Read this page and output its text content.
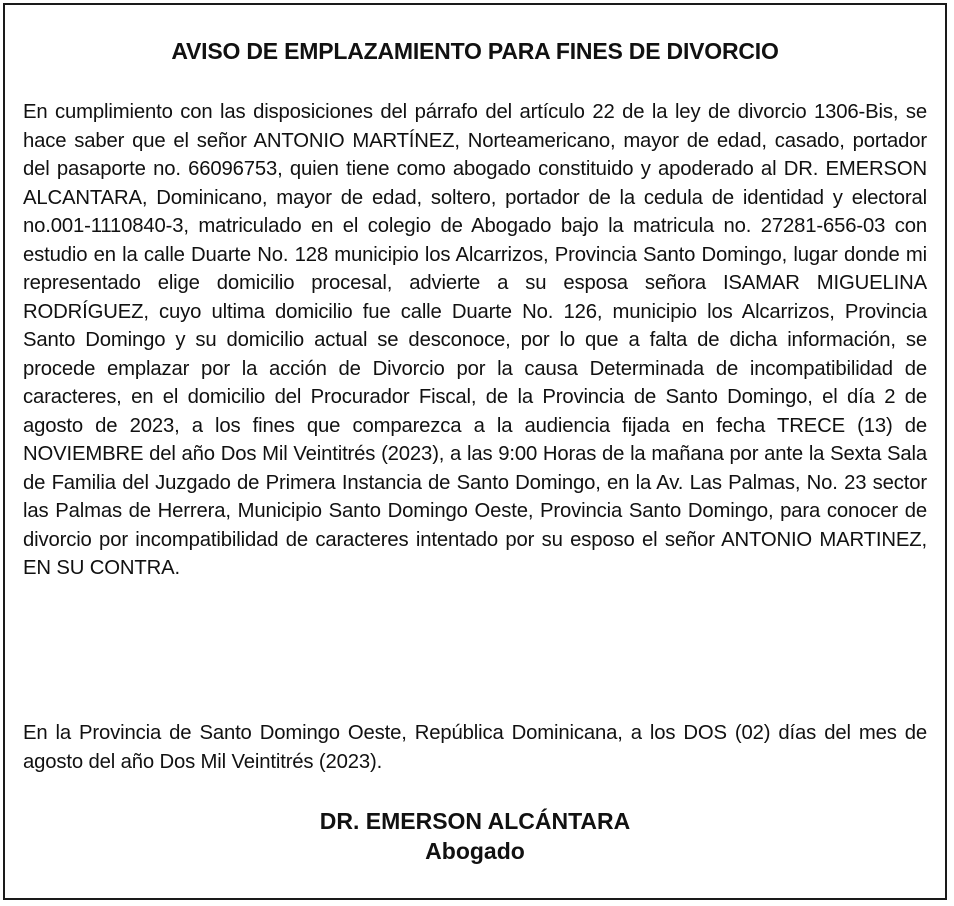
AVISO DE EMPLAZAMIENTO PARA FINES DE DIVORCIO
En cumplimiento con las disposiciones del párrafo del artículo 22 de la ley de divorcio 1306-Bis, se hace saber que el señor ANTONIO MARTÍNEZ, Norteamericano, mayor de edad, casado, portador del pasaporte no. 66096753, quien tiene como abogado constituido y apoderado al DR. EMERSON ALCANTARA, Dominicano, mayor de edad, soltero, portador de la cedula de identidad y electoral no.001-1110840-3, matriculado en el colegio de Abogado bajo la matricula no. 27281-656-03 con estudio en la calle Duarte No. 128 municipio los Alcarrizos, Provincia Santo Domingo, lugar donde mi representado elige domicilio procesal, advierte a su esposa señora ISAMAR MIGUELINA RODRÍGUEZ, cuyo ultima domicilio fue calle Duarte No. 126, municipio los Alcarrizos, Provincia Santo Domingo y su domicilio actual se desconoce, por lo que a falta de dicha información, se procede emplazar por la acción de Divorcio por la causa Determinada de incompatibilidad de caracteres, en el domicilio del Procurador Fiscal, de la Provincia de Santo Domingo, el día 2 de agosto de 2023, a los fines que comparezca a la audiencia fijada en fecha TRECE (13) de NOVIEMBRE del año Dos Mil Veintitrés (2023), a las 9:00 Horas de la mañana por ante la Sexta Sala de Familia del Juzgado de Primera Instancia de Santo Domingo, en la Av. Las Palmas, No. 23 sector las Palmas de Herrera, Municipio Santo Domingo Oeste, Provincia Santo Domingo, para conocer de divorcio por incompatibilidad de caracteres intentado por su esposo el señor ANTONIO MARTINEZ, EN SU CONTRA.
En la Provincia de Santo Domingo Oeste, República Dominicana, a los DOS (02) días del mes de agosto del año Dos Mil Veintitrés (2023).
DR. EMERSON ALCÁNTARA
Abogado
